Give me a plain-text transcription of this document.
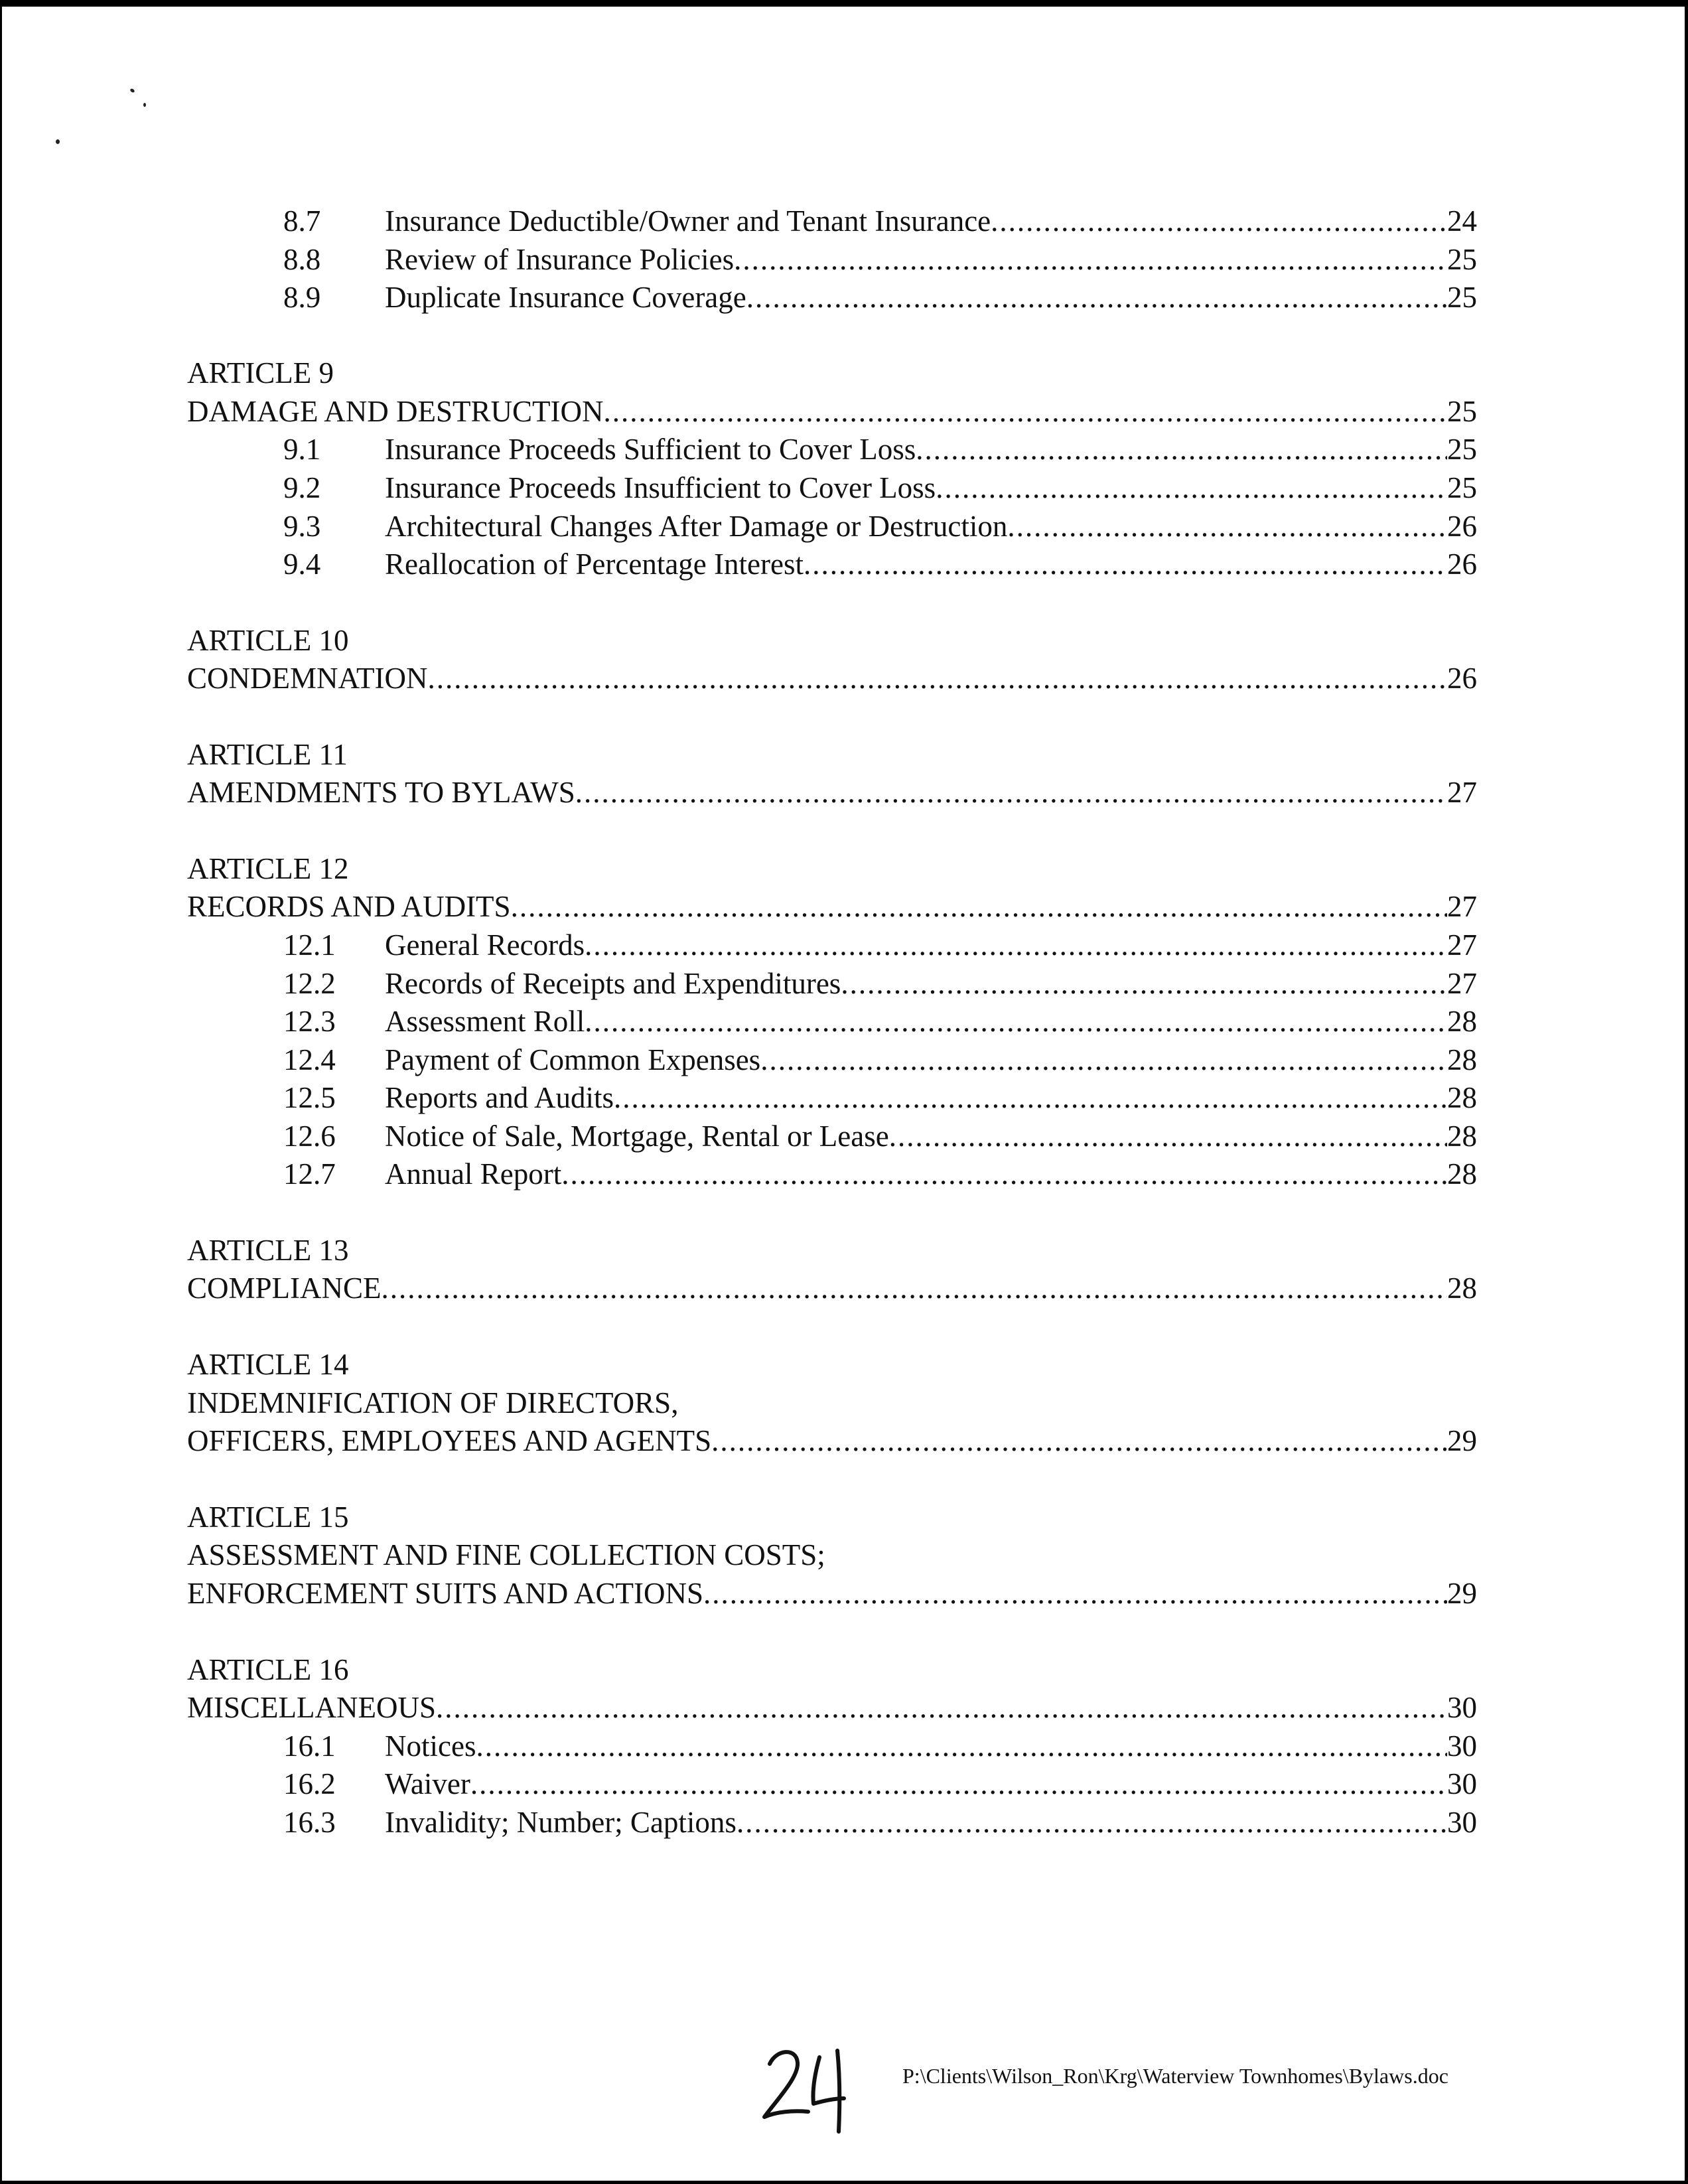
8.7	Insurance Deductible/Owner and Tenant Insurance .....	24
8.8	Review of Insurance Policies .....	25
8.9	Duplicate Insurance Coverage .....	25
ARTICLE 9
DAMAGE AND DESTRUCTION .....	25
9.1	Insurance Proceeds Sufficient to Cover Loss .....	25
9.2	Insurance Proceeds Insufficient to Cover Loss .....	25
9.3	Architectural Changes After Damage or Destruction .....	26
9.4	Reallocation of Percentage Interest .....	26
ARTICLE 10
CONDEMNATION .....	26
ARTICLE 11
AMENDMENTS TO BYLAWS .....	27
ARTICLE 12
RECORDS AND AUDITS .....	27
12.1	General Records .....	27
12.2	Records of Receipts and Expenditures .....	27
12.3	Assessment Roll .....	28
12.4	Payment of Common Expenses .....	28
12.5	Reports and Audits .....	28
12.6	Notice of Sale, Mortgage, Rental or Lease .....	28
12.7	Annual Report .....	28
ARTICLE 13
COMPLIANCE .....	28
ARTICLE 14
INDEMNIFICATION OF DIRECTORS,
OFFICERS, EMPLOYEES AND AGENTS .....	29
ARTICLE 15
ASSESSMENT AND FINE COLLECTION COSTS;
ENFORCEMENT SUITS AND ACTIONS .....	29
ARTICLE 16
MISCELLANEOUS .....	30
16.1	Notices .....	30
16.2	Waiver .....	30
16.3	Invalidity; Number; Captions .....	30
P:\Clients\Wilson_Ron\Krg\Waterview Townhomes\Bylaws.doc
